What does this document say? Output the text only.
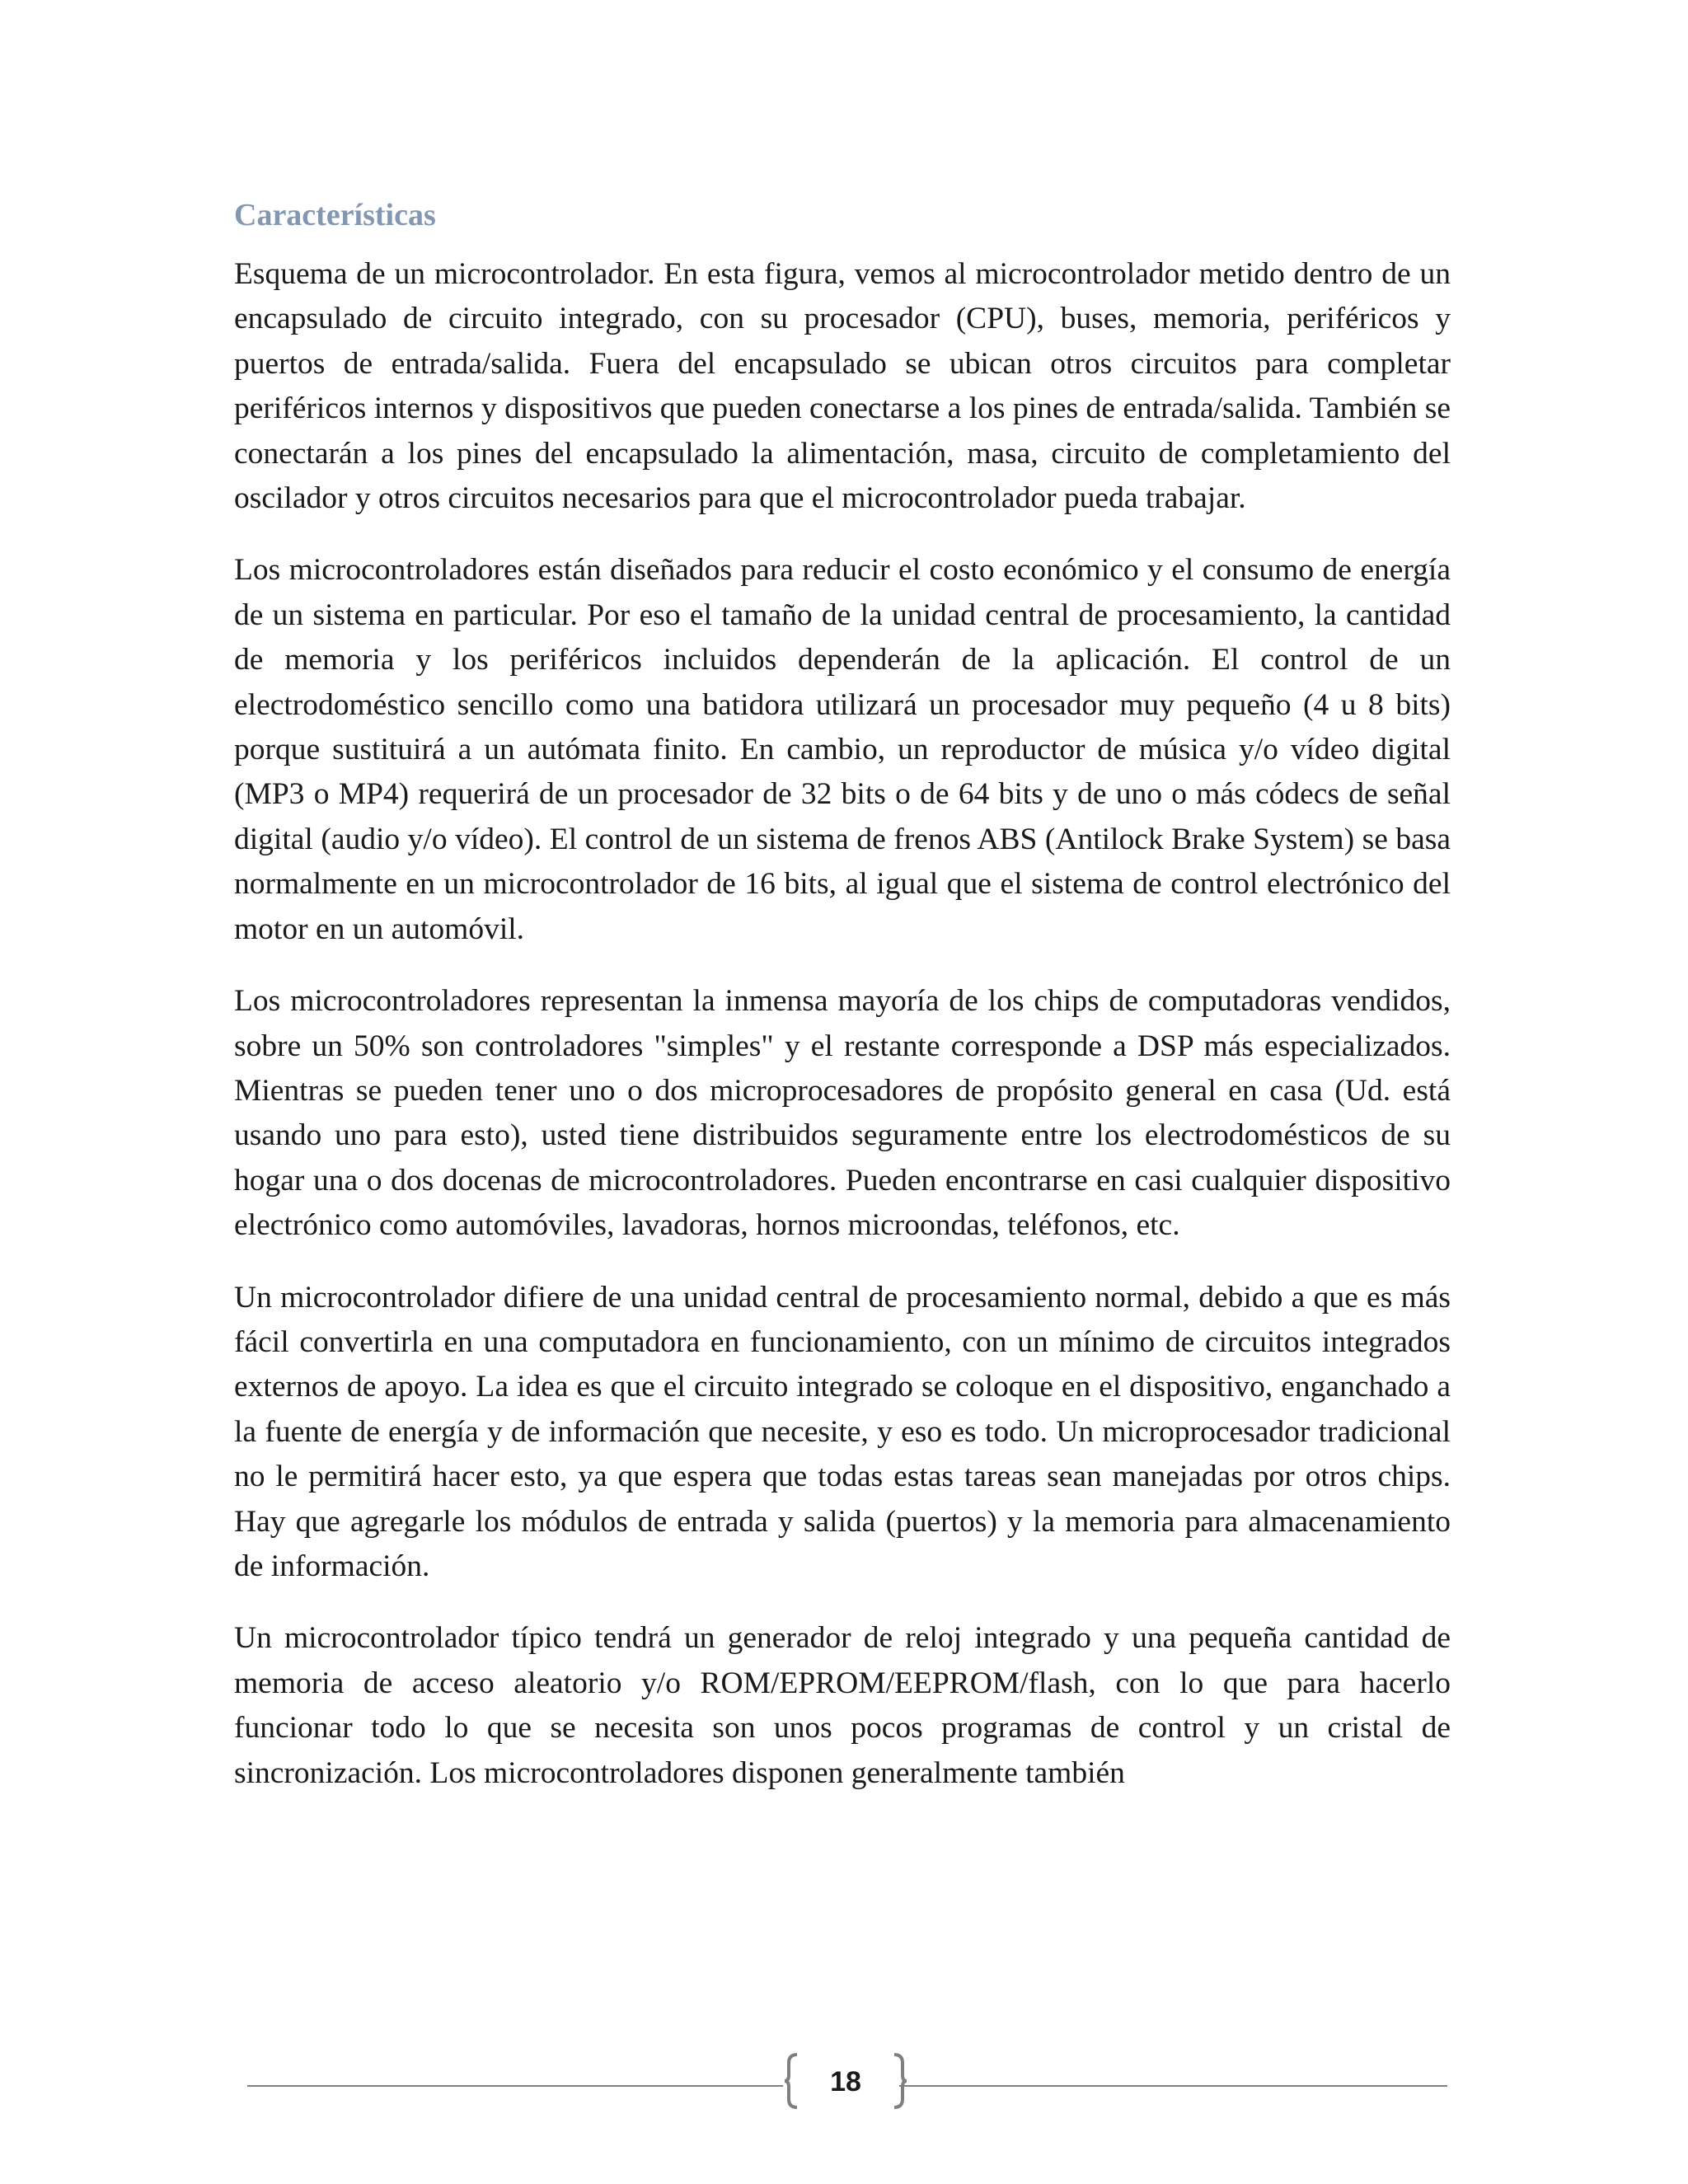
Características

Esquema de un microcontrolador. En esta figura, vemos al microcontrolador metido dentro de un encapsulado de circuito integrado, con su procesador (CPU), buses, memoria, periféricos y puertos de entrada/salida. Fuera del encapsulado se ubican otros circuitos para completar periféricos internos y dispositivos que pueden conectarse a los pines de entrada/salida. También se conectarán a los pines del encapsulado la alimentación, masa, circuito de completamiento del oscilador y otros circuitos necesarios para que el microcontrolador pueda trabajar.

Los microcontroladores están diseñados para reducir el costo económico y el consumo de energía de un sistema en particular. Por eso el tamaño de la unidad central de procesamiento, la cantidad de memoria y los periféricos incluidos dependerán de la aplicación. El control de un electrodoméstico sencillo como una batidora utilizará un procesador muy pequeño (4 u 8 bits) porque sustituirá a un autómata finito. En cambio, un reproductor de música y/o vídeo digital (MP3 o MP4) requerirá de un procesador de 32 bits o de 64 bits y de uno o más códecs de señal digital (audio y/o vídeo). El control de un sistema de frenos ABS (Antilock Brake System) se basa normalmente en un microcontrolador de 16 bits, al igual que el sistema de control electrónico del motor en un automóvil.

Los microcontroladores representan la inmensa mayoría de los chips de computadoras vendidos, sobre un 50% son controladores "simples" y el restante corresponde a DSP más especializados. Mientras se pueden tener uno o dos microprocesadores de propósito general en casa (Ud. está usando uno para esto), usted tiene distribuidos seguramente entre los electrodomésticos de su hogar una o dos docenas de microcontroladores. Pueden encontrarse en casi cualquier dispositivo electrónico como automóviles, lavadoras, hornos microondas, teléfonos, etc.

Un microcontrolador difiere de una unidad central de procesamiento normal, debido a que es más fácil convertirla en una computadora en funcionamiento, con un mínimo de circuitos integrados externos de apoyo. La idea es que el circuito integrado se coloque en el dispositivo, enganchado a la fuente de energía y de información que necesite, y eso es todo. Un microprocesador tradicional no le permitirá hacer esto, ya que espera que todas estas tareas sean manejadas por otros chips. Hay que agregarle los módulos de entrada y salida (puertos) y la memoria para almacenamiento de información.

Un microcontrolador típico tendrá un generador de reloj integrado y una pequeña cantidad de memoria de acceso aleatorio y/o ROM/EPROM/EEPROM/flash, con lo que para hacerlo funcionar todo lo que se necesita son unos pocos programas de control y un cristal de sincronización. Los microcontroladores disponen generalmente también

18
